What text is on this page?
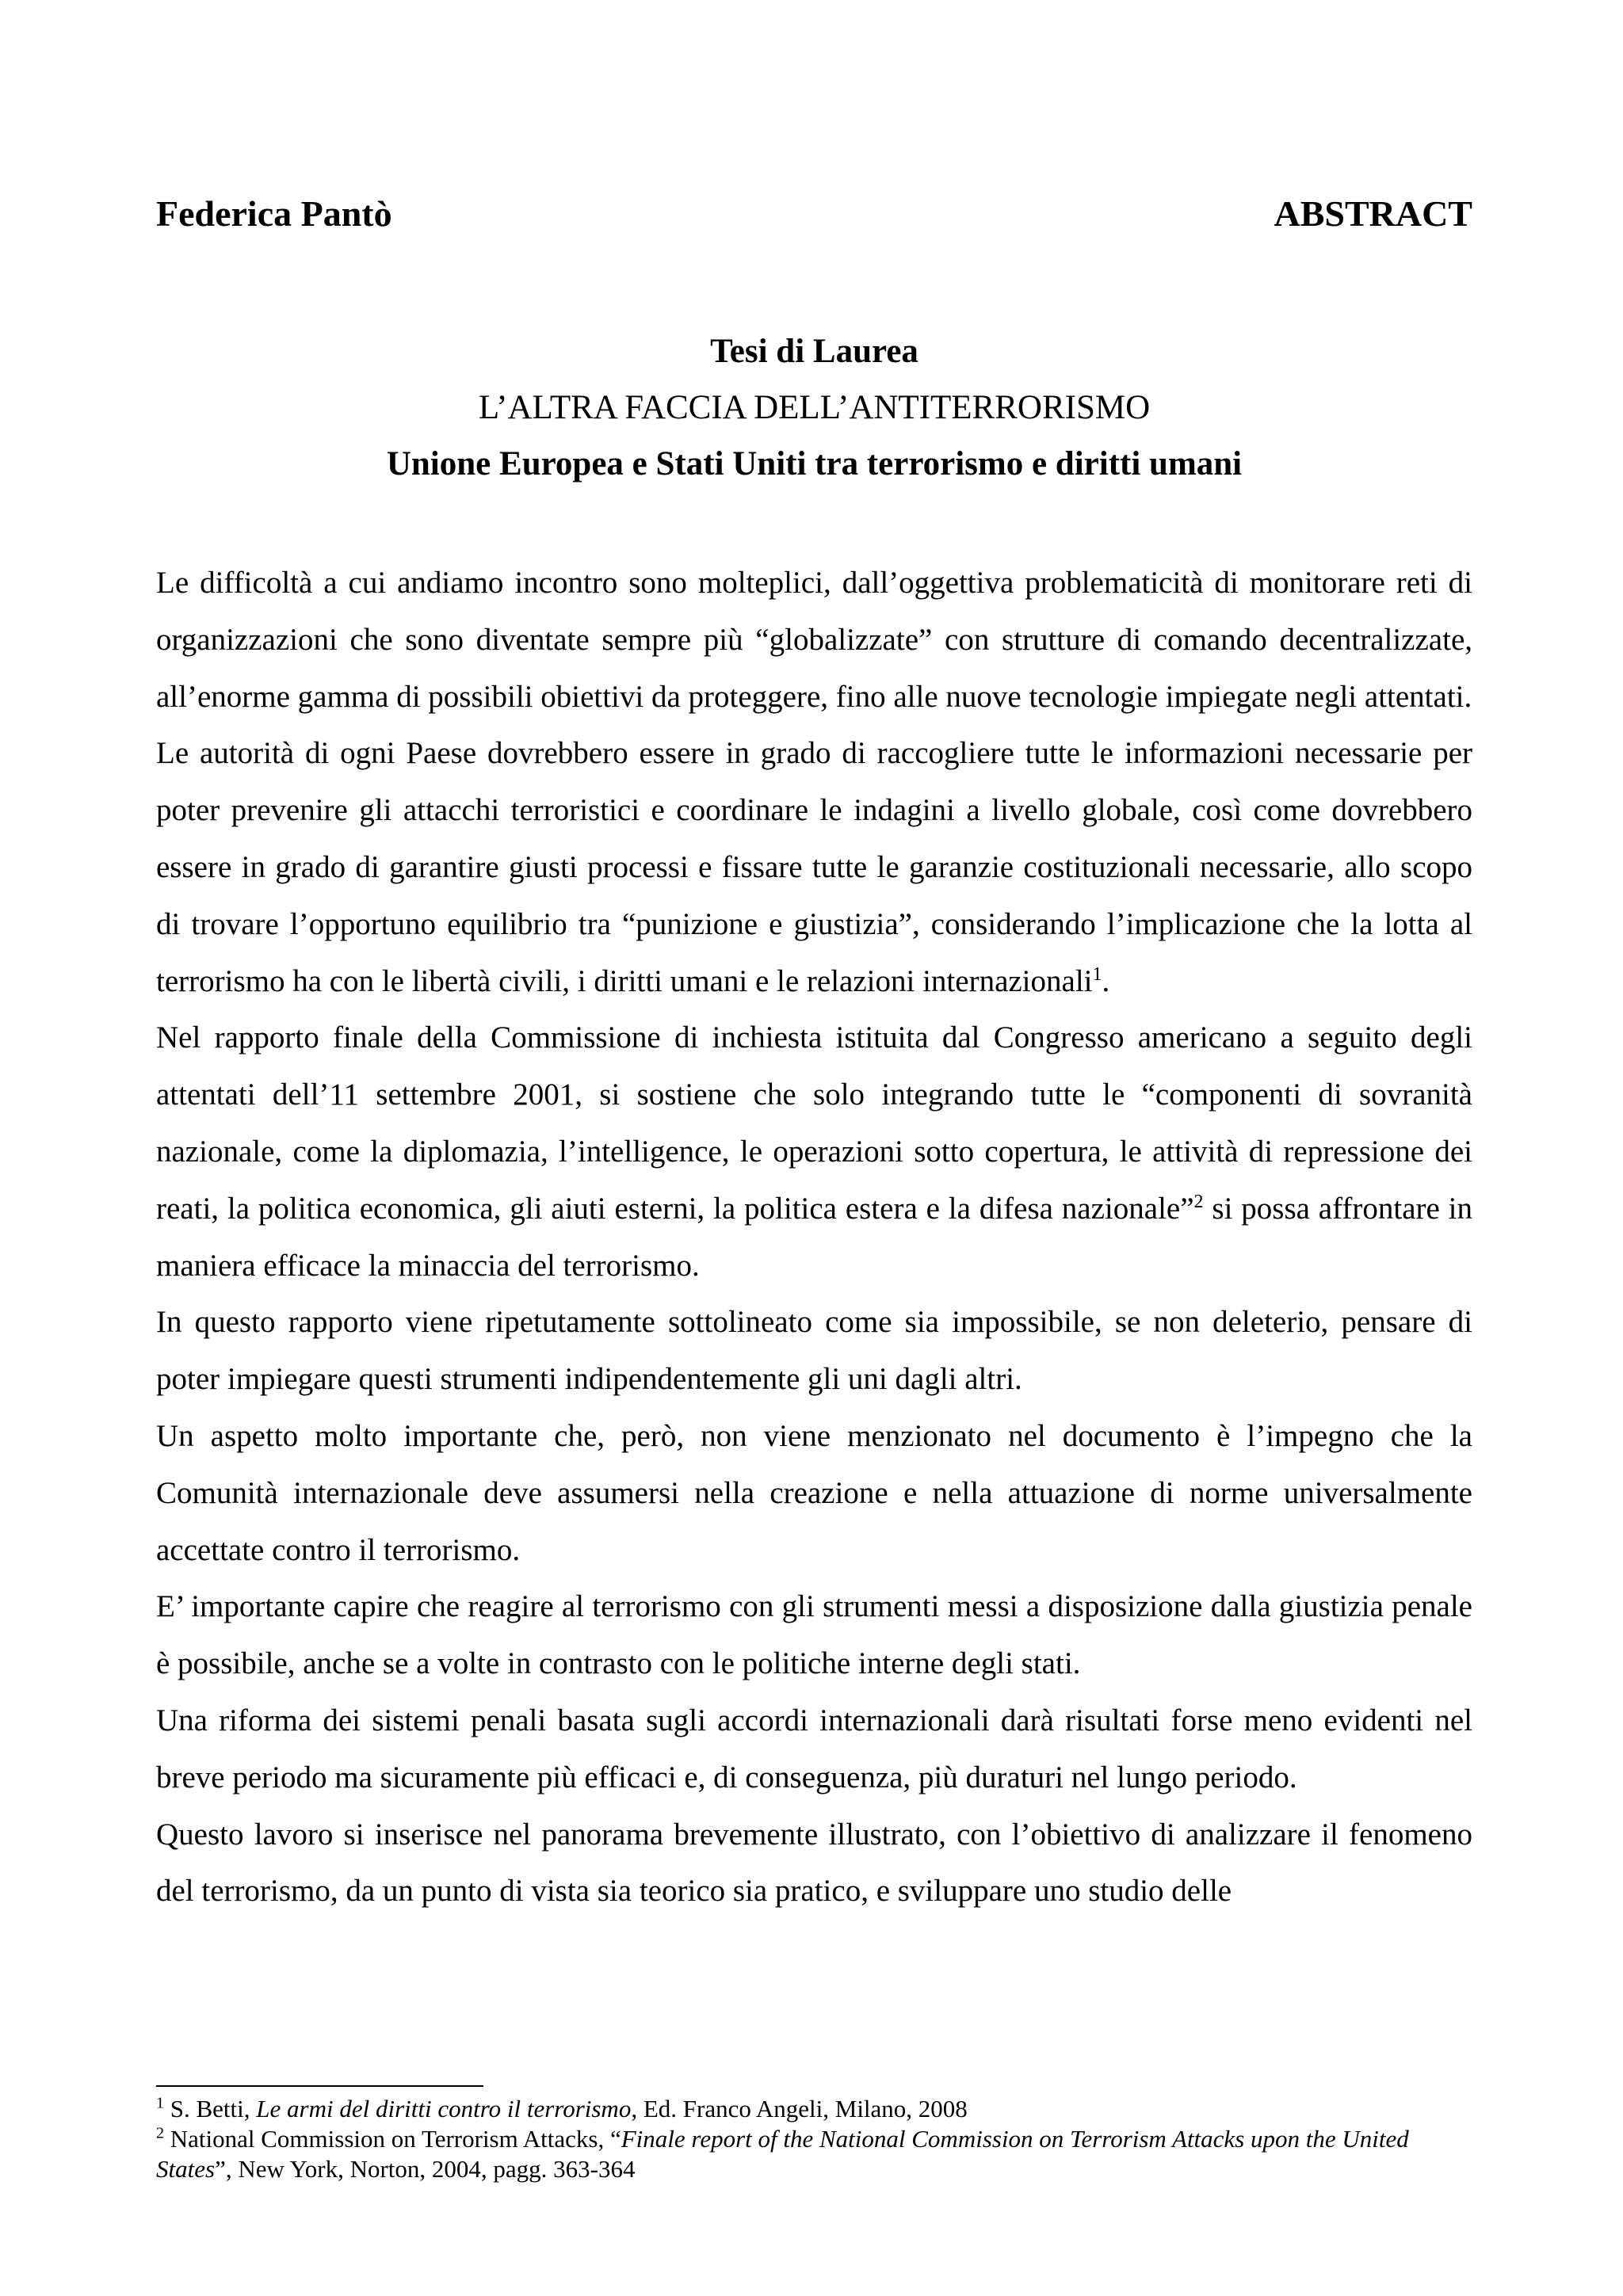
Federica Pantò	ABSTRACT
Tesi di Laurea
L’ALTRA FACCIA DELL’ANTITERRORISMO
Unione Europea e Stati Uniti tra terrorismo e diritti umani

Le difficoltà a cui andiamo incontro sono molteplici, dall’oggettiva problematicità di monitorare reti di organizzazioni che sono diventate sempre più “globalizzate” con strutture di comando decentralizzate, all’enorme gamma di possibili obiettivi da proteggere, fino alle nuove tecnologie impiegate negli attentati.

Le autorità di ogni Paese dovrebbero essere in grado di raccogliere tutte le informazioni necessarie per poter prevenire gli attacchi terroristici e coordinare le indagini a livello globale, così come dovrebbero essere in grado di garantire giusti processi e fissare tutte le garanzie costituzionali necessarie, allo scopo di trovare l’opportuno equilibrio tra “punizione e giustizia”, considerando l’implicazione che la lotta al terrorismo ha con le libertà civili, i diritti umani e le relazioni internazionali$^1$.

Nel rapporto finale della Commissione di inchiesta istituita dal Congresso americano a seguito degli attentati dell’11 settembre 2001, si sostiene che solo integrando tutte le “componenti di sovranità nazionale, come la diplomazia, l’intelligence, le operazioni sotto copertura, le attività di repressione dei reati, la politica economica, gli aiuti esterni, la politica estera e la difesa nazionale”$^2$ si possa affrontare in maniera efficace la minaccia del terrorismo.

In questo rapporto viene ripetutamente sottolineato come sia impossibile, se non deleterio, pensare di poter impiegare questi strumenti indipendentemente gli uni dagli altri.

Un aspetto molto importante che, però, non viene menzionato nel documento è l’impegno che la Comunità internazionale deve assumersi nella creazione e nella attuazione di norme universalmente accettate contro il terrorismo.

E’ importante capire che reagire al terrorismo con gli strumenti messi a disposizione dalla giustizia penale è possibile, anche se a volte in contrasto con le politiche interne degli stati.

Una riforma dei sistemi penali basata sugli accordi internazionali darà risultati forse meno evidenti nel breve periodo ma sicuramente più efficaci e, di conseguenza, più duraturi nel lungo periodo.

Questo lavoro si inserisce nel panorama brevemente illustrato, con l’obiettivo di analizzare il fenomeno del terrorismo, da un punto di vista sia teorico sia pratico, e sviluppare uno studio delle

$^1$ S. Betti, Le armi del diritti contro il terrorismo, Ed. Franco Angeli, Milano, 2008
$^2$ National Commission on Terrorism Attacks, “Finale report of the National Commission on Terrorism Attacks upon the United States”, New York, Norton, 2004, pagg. 363-364
